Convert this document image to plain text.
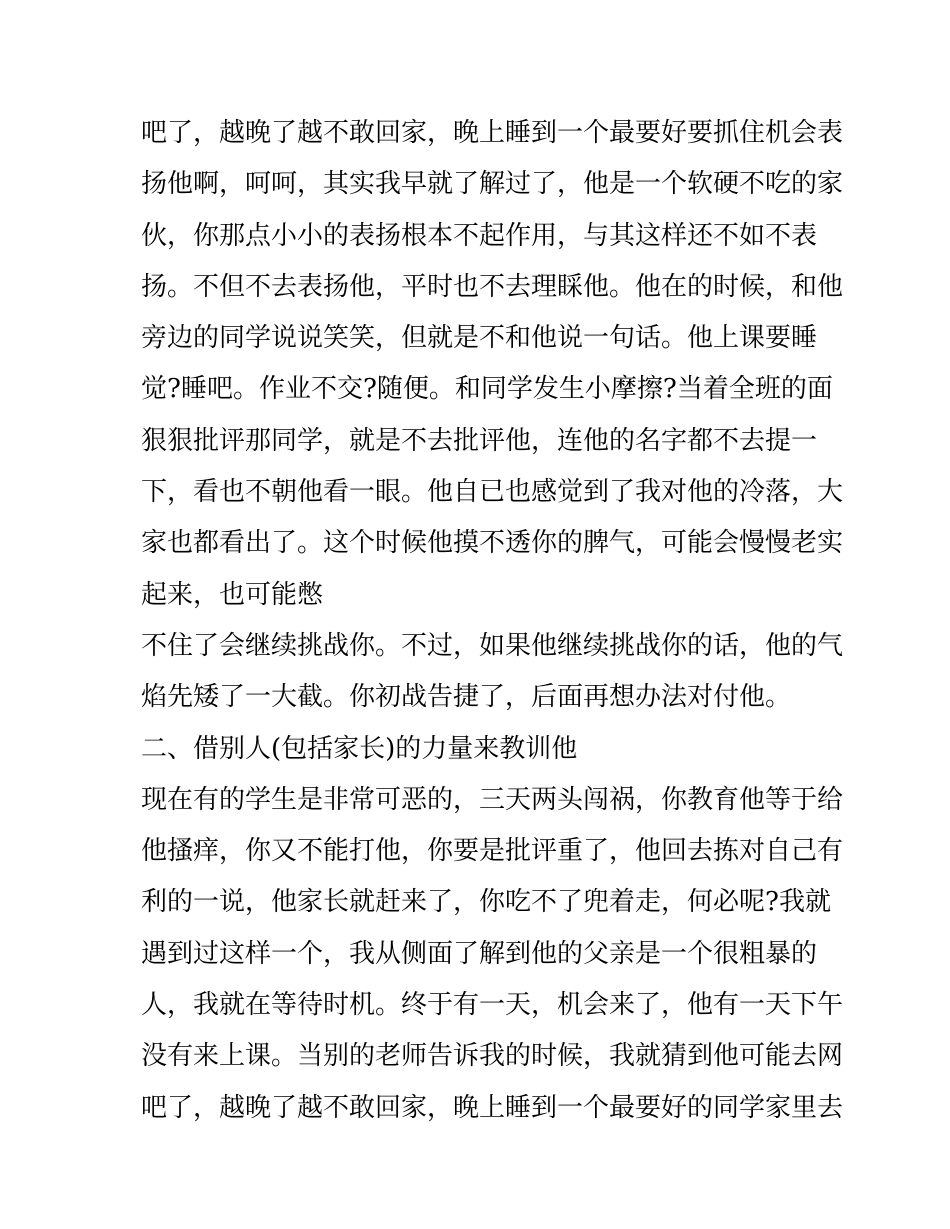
吧了，越晚了越不敢回家，晚上睡到一个最要好要抓住机会表
扬他啊，呵呵，其实我早就了解过了，他是一个软硬不吃的家
伙，你那点小小的表扬根本不起作用，与其这样还不如不表
扬。不但不去表扬他，平时也不去理睬他。他在的时候，和他
旁边的同学说说笑笑，但就是不和他说一句话。他上课要睡
觉?睡吧。作业不交?随便。和同学发生小摩擦?当着全班的面
狠狠批评那同学，就是不去批评他，连他的名字都不去提一
下，看也不朝他看一眼。他自已也感觉到了我对他的冷落，大
家也都看出了。这个时候他摸不透你的脾气，可能会慢慢老实
起来，也可能憋
不住了会继续挑战你。不过，如果他继续挑战你的话，他的气
焰先矮了一大截。你初战告捷了，后面再想办法对付他。
二、借别人(包括家长)的力量来教训他
现在有的学生是非常可恶的，三天两头闯祸，你教育他等于给
他搔痒，你又不能打他，你要是批评重了，他回去拣对自己有
利的一说，他家长就赶来了，你吃不了兜着走，何必呢?我就
遇到过这样一个，我从侧面了解到他的父亲是一个很粗暴的
人，我就在等待时机。终于有一天，机会来了，他有一天下午
没有来上课。当别的老师告诉我的时候，我就猜到他可能去网
吧了，越晚了越不敢回家，晚上睡到一个最要好的同学家里去
